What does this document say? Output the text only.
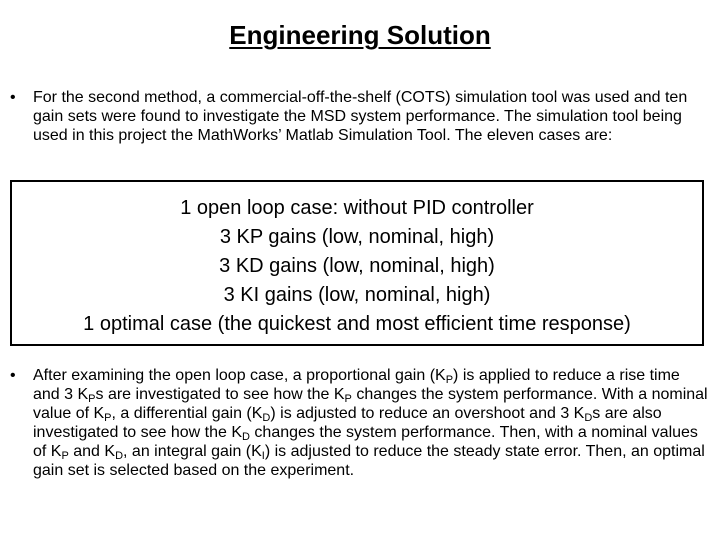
Engineering Solution
•	For the second method, a commercial-off-the-shelf (COTS) simulation tool was used and ten gain sets were found to investigate the MSD system performance. The simulation tool being used in this project the MathWorks’ Matlab Simulation Tool. The eleven cases are:
1 open loop case: without PID controller
3 KP gains (low, nominal, high)
3 KD gains (low, nominal, high)
3 KI gains (low, nominal, high)
1 optimal case (the quickest and most efficient time response)
•	After examining the open loop case, a proportional gain $(K_P)$ is applied to reduce a rise time and 3 $K_Ps$ are investigated to see how the $K_P$ changes the system performance. With a nominal value of $K_P$, a differential gain $(K_D)$ is adjusted to reduce an overshoot and 3 $K_Ds$ are also investigated to see how the $K_D$ changes the system performance. Then, with a nominal values of $K_P$ and $K_D$, an integral gain $(K_I)$ is adjusted to reduce the steady state error. Then, an optimal gain set is selected based on the experiment.
